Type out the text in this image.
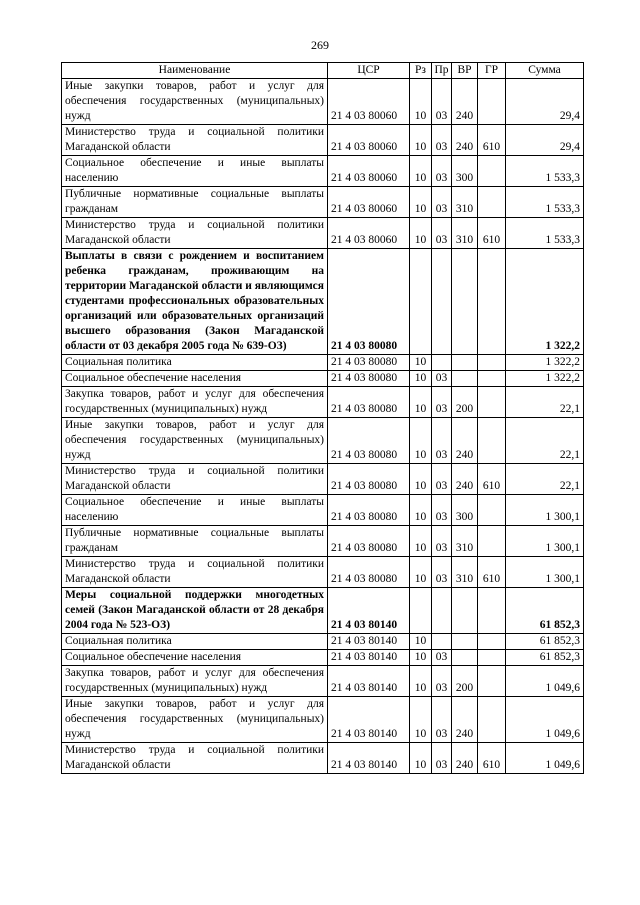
269
Наименование	ЦСР	Рз	Пр	ВР	ГР	Сумма
Иные закупки товаров, работ и услуг для обеспечения государственных (муниципальных) нужд	21 4 03 80060	10	03	240		29,4
Министерство труда и социальной политики Магаданской области	21 4 03 80060	10	03	240	610	29,4
Социальное обеспечение и иные выплаты населению	21 4 03 80060	10	03	300		1 533,3
Публичные нормативные социальные выплаты гражданам	21 4 03 80060	10	03	310		1 533,3
Министерство труда и социальной политики Магаданской области	21 4 03 80060	10	03	310	610	1 533,3
Выплаты в связи с рождением и воспитанием ребенка гражданам, проживающим на территории Магаданской области и являющимся студентами профессиональных образовательных организаций или образовательных организаций высшего образования (Закон Магаданской области от 03 декабря 2005 года № 639-ОЗ)	21 4 03 80080					1 322,2
Социальная политика	21 4 03 80080	10				1 322,2
Социальное обеспечение населения	21 4 03 80080	10	03			1 322,2
Закупка товаров, работ и услуг для обеспечения государственных (муниципальных) нужд	21 4 03 80080	10	03	200		22,1
Иные закупки товаров, работ и услуг для обеспечения государственных (муниципальных) нужд	21 4 03 80080	10	03	240		22,1
Министерство труда и социальной политики Магаданской области	21 4 03 80080	10	03	240	610	22,1
Социальное обеспечение и иные выплаты населению	21 4 03 80080	10	03	300		1 300,1
Публичные нормативные социальные выплаты гражданам	21 4 03 80080	10	03	310		1 300,1
Министерство труда и социальной политики Магаданской области	21 4 03 80080	10	03	310	610	1 300,1
Меры социальной поддержки многодетных семей (Закон Магаданской области от 28 декабря 2004 года № 523-ОЗ)	21 4 03 80140					61 852,3
Социальная политика	21 4 03 80140	10				61 852,3
Социальное обеспечение населения	21 4 03 80140	10	03			61 852,3
Закупка товаров, работ и услуг для обеспечения государственных (муниципальных) нужд	21 4 03 80140	10	03	200		1 049,6
Иные закупки товаров, работ и услуг для обеспечения государственных (муниципальных) нужд	21 4 03 80140	10	03	240		1 049,6
Министерство труда и социальной политики Магаданской области	21 4 03 80140	10	03	240	610	1 049,6
